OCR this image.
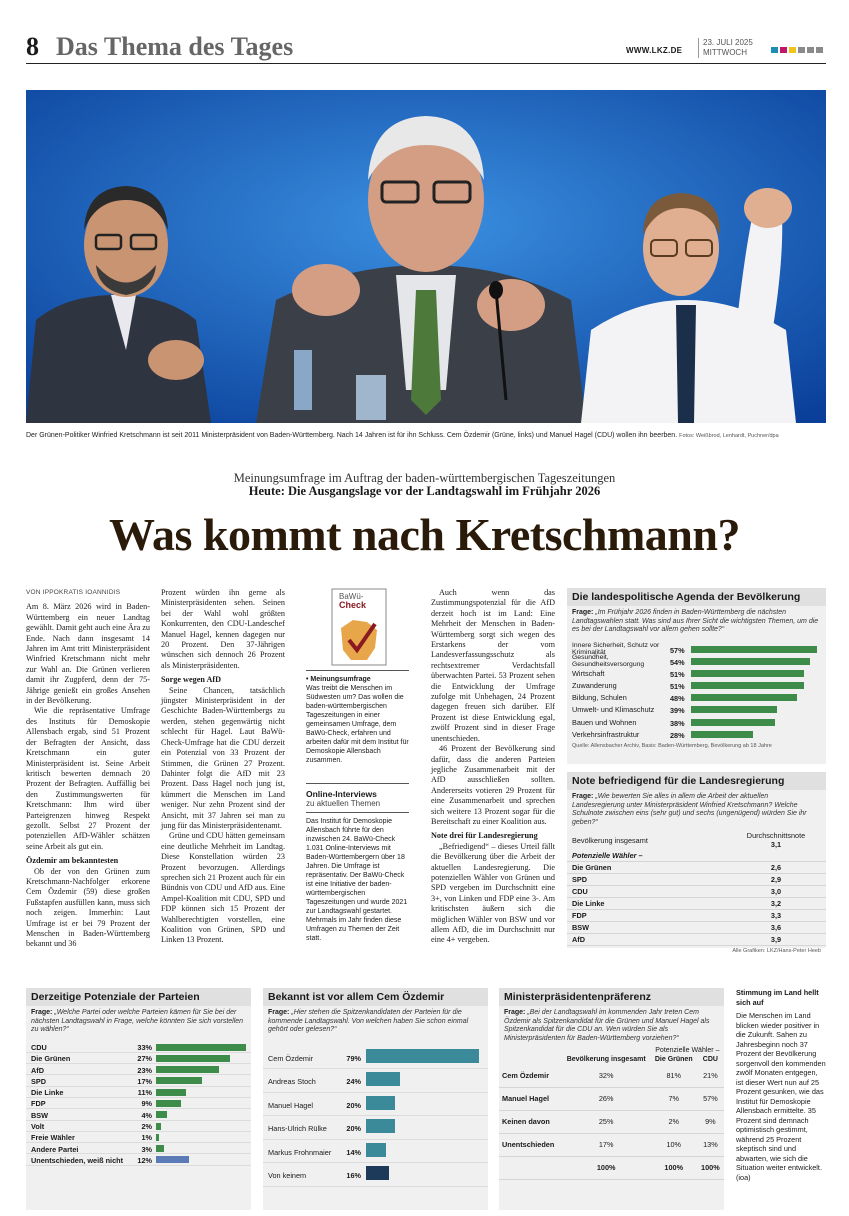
8 Das Thema des Tages	WWW.LKZ.DE
23. JULI 2025
MITTWOCH
Der Grünen-Politiker Winfried Kretschmann ist seit 2011 Ministerpräsident von Baden-Württemberg. Nach 14 Jahren ist für ihn Schluss. Cem Özdemir (Grüne, links) und Manuel Hagel (CDU) wollen ihn beerben. Fotos: Weißbrod, Lenhardt, Puchner/dpa
Meinungsumfrage im Auftrag der baden-württembergischen Tageszeitungen
Heute: Die Ausgangslage vor der Landtagswahl im Frühjahr 2026
Was kommt nach Kretschmann?
VON IPPOKRATIS IOANNIDIS

Am 8. März 2026 wird in Baden-Württemberg ein neuer Landtag gewählt. Damit geht auch eine Ära zu Ende. Nach dann insgesamt 14 Jahren im Amt tritt Ministerpräsident Winfried Kretschmann nicht mehr zur Wahl an. Die Grünen verlieren damit ihr Zugpferd, denn der 75-Jährige genießt ein großes Ansehen in der Bevölkerung.

Wie die repräsentative Umfrage des Instituts für Demoskopie Allensbach ergab, sind 51 Prozent der Befragten der Ansicht, dass Kretschmann ein guter Ministerpräsident ist. Seine Arbeit kritisch bewerten demnach 20 Prozent der Befragten. Auffällig bei den Zustimmungswerten für Kretschmann: Ihm wird über Parteigrenzen hinweg Respekt gezollt. Selbst 27 Prozent der potenziellen AfD-Wähler schätzen seine Arbeit als gut ein.

Özdemir am bekanntesten

Ob der von den Grünen zum Kretschmann-Nachfolger erkorene Cem Özdemir (59) diese großen Fußstapfen ausfüllen kann, muss sich noch zeigen. Immerhin: Laut Umfrage ist er bei 79 Prozent der Menschen in Baden-Württemberg bekannt und 36

Prozent würden ihn gerne als Ministerpräsidenten sehen. Seinen bei der Wahl wohl größten Konkurrenten, den CDU-Landeschef Manuel Hagel, kennen dagegen nur 20 Prozent. Den 37-Jährigen wünschen sich dennoch 26 Prozent als Ministerpräsidenten.

Sorge wegen AfD

Seine Chancen, tatsächlich jüngster Ministerpräsident in der Geschichte Baden-Württembergs zu werden, stehen gegenwärtig nicht schlecht für Hagel. Laut BaWü-Check-Umfrage hat die CDU derzeit ein Potenzial von 33 Prozent der Stimmen, die Grünen 27 Prozent. Dahinter folgt die AfD mit 23 Prozent. Dass Hagel noch jung ist, kümmert die Menschen im Land weniger. Nur zehn Prozent sind der Ansicht, mit 37 Jahren sei man zu jung für das Ministerpräsidentenamt.

Grüne und CDU hätten gemeinsam eine deutliche Mehrheit im Landtag. Diese Konstellation würden 23 Prozent bevorzugen. Allerdings sprechen sich 21 Prozent auch für ein Bündnis von CDU und AfD aus. Eine Ampel-Koalition mit CDU, SPD und FDP können sich 15 Prozent der Wahlberechtigten vorstellen, eine Koalition von Grünen, SPD und Linken 13 Prozent.

BaWü-
Check
• Meinungsumfrage
Was treibt die Menschen im Südwesten um? Das wollen die baden-württembergischen Tageszeitungen in einer gemeinsamen Umfrage, dem BaWü-Check, erfahren und arbeiten dafür mit dem Institut für Demoskopie Allensbach zusammen.
Online-Interviews
zu aktuellen Themen
Das Institut für Demoskopie Allensbach führte für den inzwischen 24. BaWü-Check 1.031 Online-Interviews mit Baden-Württembergern über 18 Jahren. Die Umfrage ist repräsentativ. Der BaWü-Check ist eine Initiative der baden-württembergischen Tageszeitungen und wurde 2021 zur Landtagswahl gestartet. Mehrmals im Jahr finden diese Umfragen zu Themen der Zeit statt.

Auch wenn das Zustimmungspotenzial für die AfD derzeit hoch ist im Land: Eine Mehrheit der Menschen in Baden-Württemberg sorgt sich wegen des Erstarkens der vom Landesverfassungsschutz als rechtsextremer Verdachtsfall überwachten Partei. 53 Prozent sehen die Entwicklung der Umfrage zufolge mit Unbehagen, 24 Prozent dagegen freuen sich darüber. Elf Prozent ist diese Entwicklung egal, zwölf Prozent sind in dieser Frage unentschieden.

46 Prozent der Bevölkerung sind dafür, dass die anderen Parteien jegliche Zusammenarbeit mit der AfD ausschließen sollten. Andererseits votieren 29 Prozent für eine Zusammenarbeit und sprechen sich weitere 13 Prozent sogar für die Bereitschaft zu einer Koalition aus.

Note drei für Landesregierung

„Befriedigend“ – dieses Urteil fällt die Bevölkerung über die Arbeit der aktuellen Landesregierung. Die potenziellen Wähler von Grünen und SPD vergeben im Durchschnitt eine 3+, von Linken und FDP eine 3-. Am kritischsten äußern sich die möglichen Wähler von BSW und vor allem AfD, die im Durchschnitt nur eine 4+ vergeben.

Die landespolitische Agenda der Bevölkerung
Frage: „Im Frühjahr 2026 finden in Baden-Württemberg die nächsten Landtagswahlen statt. Was sind aus Ihrer Sicht die wichtigsten Themen, um die es bei der Landtagswahl vor allem gehen sollte?“
Innere Sicherheit, Schutz vor Kriminalität	57%
Gesundheit, Gesundheitsversorgung	54%
Wirtschaft	51%
Zuwanderung	51%
Bildung, Schulen	48%
Umwelt- und Klimaschutz	39%
Bauen und Wohnen	38%
Verkehrsinfrastruktur	28%
Quelle: Allensbacher Archiv, Basis: Baden-Württemberg, Bevölkerung ab 18 Jahre
Note befriedigend für die Landesregierung
Frage: „Wie bewerten Sie alles in allem die Arbeit der aktuellen Landesregierung unter Ministerpräsident Winfried Kretschmann? Welche Schulnote zwischen eins (sehr gut) und sechs (ungenügend) würden Sie ihr geben?“
Bevölkerung insgesamt	Durchschnittsnote
3,1
Potenzielle Wähler –	
Die Grünen	2,6
SPD	2,9
CDU	3,0
Die Linke	3,2
FDP	3,3
BSW	3,6
AfD	3,9
Alle Grafiken: LKZ/Hans-Peter Heeb
Derzeitige Potenziale der Parteien
Frage: „Welche Partei oder welche Parteien kämen für Sie bei der nächsten Landtagswahl in Frage, welche könnten Sie sich vorstellen zu wählen?“
CDU	33%
Die Grünen	27%
AfD	23%
SPD	17%
Die Linke	11%
FDP	9%
BSW	4%
Volt	2%
Freie Wähler	1%
Andere Partei	3%
Unentschieden, weiß nicht	12%
Bekannt ist vor allem Cem Özdemir
Frage: „Hier stehen die Spitzenkandidaten der Parteien für die kommende Landtagswahl. Von welchen haben Sie schon einmal gehört oder gelesen?“
Cem Özdemir	79%
Andreas Stoch	24%
Manuel Hagel	20%
Hans-Ulrich Rülke	20%
Markus Frohnmaier	14%
Von keinem	16%
Ministerpräsidentenpräferenz
Frage: „Bei der Landtagswahl im kommenden Jahr treten Cem Özdemir als Spitzenkandidat für die Grünen und Manuel Hagel als Spitzenkandidat für die CDU an. Wen würden Sie als Ministerpräsidenten für Baden-Württemberg vorziehen?“
	Bevölkerung insgesamt	Potenzielle Wähler –	
		Die Grünen	CDU
Cem Özdemir	32%	81%	21%
Manuel Hagel	26%	7%	57%
Keinen davon	25%	2%	9%
Unentschieden	17%	10%	13%
	100%	100%	100%
Stimmung im Land hellt sich auf
Die Menschen im Land blicken wieder positiver in die Zukunft. Sahen zu Jahresbeginn noch 37 Prozent der Bevölkerung sorgenvoll den kommenden zwölf Monaten entgegen, ist dieser Wert nun auf 25 Prozent gesunken, wie das Institut für Demoskopie Allensbach ermittelte. 35 Prozent sind demnach optimistisch gestimmt, während 25 Prozent skeptisch sind und abwarten, wie sich die Situation weiter entwickelt. (ioa)
